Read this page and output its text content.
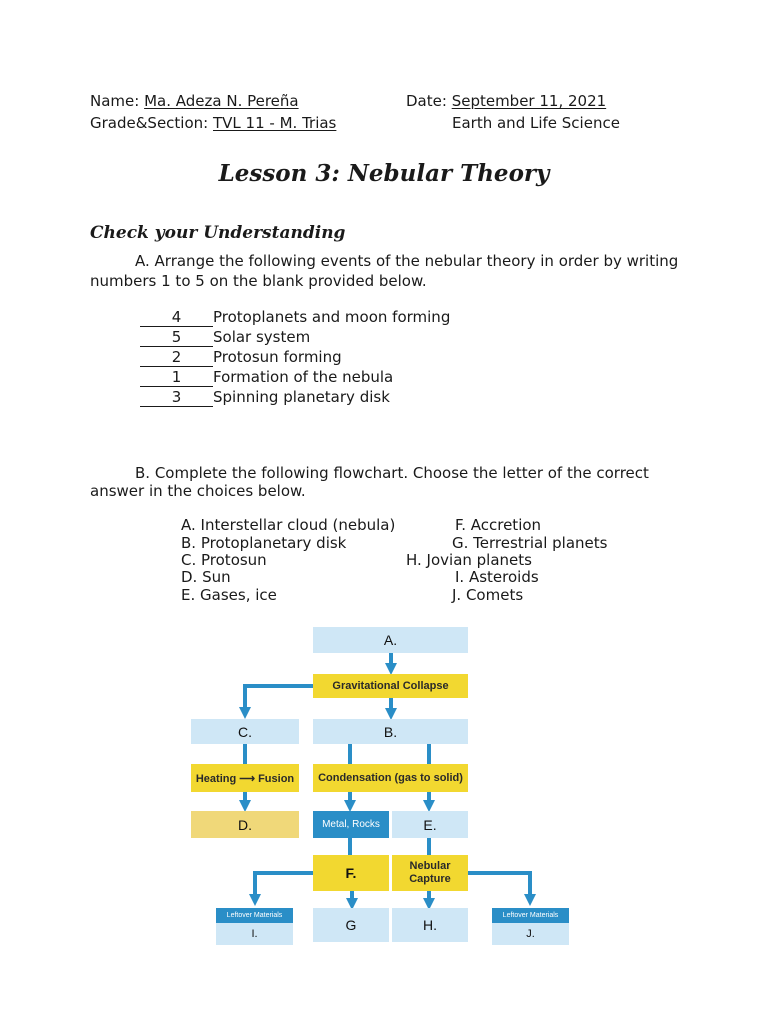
Name: Ma. Adeza N. Pereña	Date: September 11, 2021
Grade&Section: TVL 11 - M. Trias	Earth and Life Science
Lesson 3: Nebular Theory
Check your Understanding
A. Arrange the following events of the nebular theory in order by writing
numbers 1 to 5 on the blank provided below.
4 Protoplanets and moon forming
5 Solar system
2 Protosun forming
1 Formation of the nebula
3 Spinning planetary disk
B. Complete the following flowchart. Choose the letter of the correct
answer in the choices below.
A. Interstellar cloud (nebula)
B. Protoplanetary disk
C. Protosun
D. Sun
E. Gases, ice
F. Accretion
G. Terrestrial planets
H. Jovian planets
I. Asteroids
J. Comets
A.
Gravitational Collapse
C.	B.
Heating ⟶ Fusion	Condensation (gas to solid)
D.	Metal, Rocks	E.
F.	Nebular
Capture
Leftover Materials
I.
G	H.
Leftover Materials
J.
